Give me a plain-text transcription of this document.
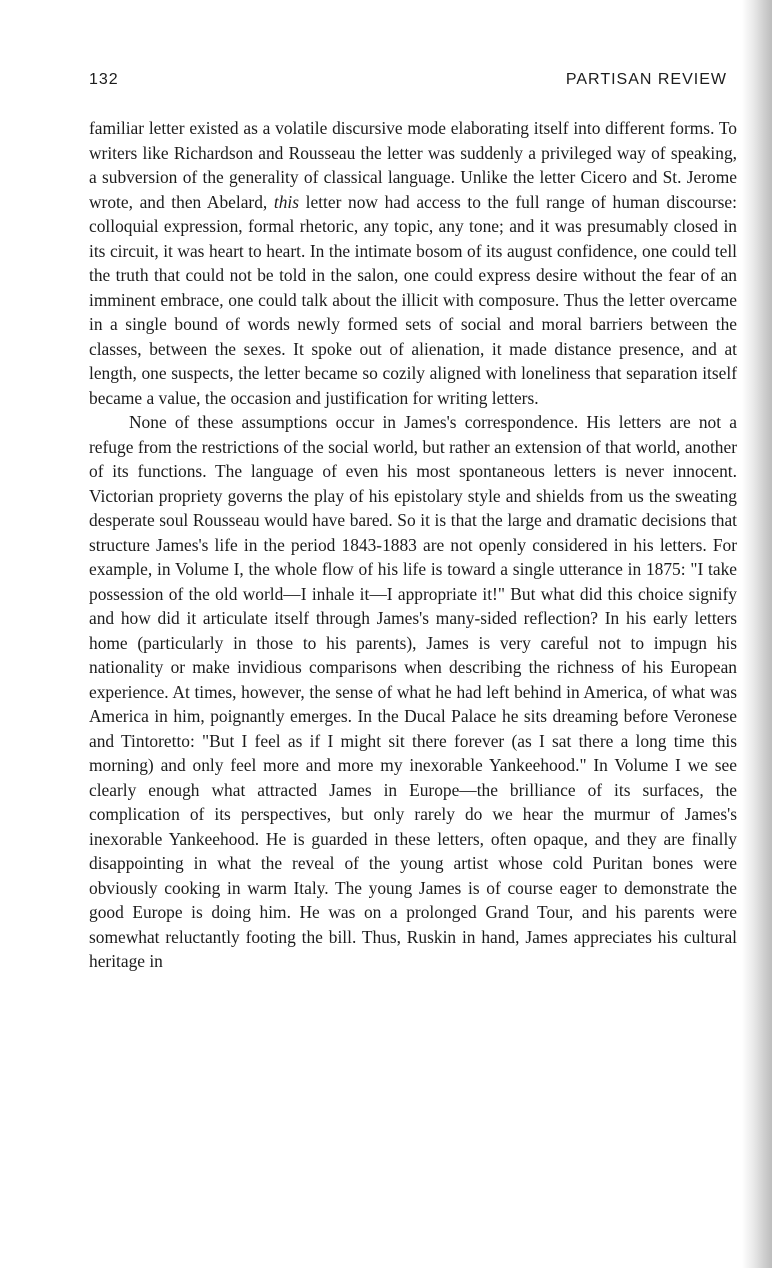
132	PARTISAN REVIEW

familiar letter existed as a volatile discursive mode elaborating itself into different forms. To writers like Richardson and Rousseau the letter was suddenly a privileged way of speaking, a subversion of the generality of classical language. Unlike the letter Cicero and St. Jerome wrote, and then Abelard, this letter now had access to the full range of human discourse: colloquial expression, formal rhetoric, any topic, any tone; and it was presumably closed in its circuit, it was heart to heart. In the intimate bosom of its august confidence, one could tell the truth that could not be told in the salon, one could express desire without the fear of an imminent embrace, one could talk about the illicit with composure. Thus the letter overcame in a single bound of words newly formed sets of social and moral barriers between the classes, between the sexes. It spoke out of alienation, it made distance presence, and at length, one suspects, the letter became so cozily aligned with loneliness that separation itself became a value, the occasion and justification for writing letters.

None of these assumptions occur in James's correspondence. His letters are not a refuge from the restrictions of the social world, but rather an extension of that world, another of its functions. The language of even his most spontaneous letters is never innocent. Victorian propriety governs the play of his epistolary style and shields from us the sweating desperate soul Rousseau would have bared. So it is that the large and dramatic decisions that structure James's life in the period 1843-1883 are not openly considered in his letters. For example, in Volume I, the whole flow of his life is toward a single utterance in 1875: "I take possession of the old world—I inhale it—I appropriate it!" But what did this choice signify and how did it articulate itself through James's many-sided reflection? In his early letters home (particularly in those to his parents), James is very careful not to impugn his nationality or make invidious comparisons when describing the richness of his European experience. At times, however, the sense of what he had left behind in America, of what was America in him, poignantly emerges. In the Ducal Palace he sits dreaming before Veronese and Tintoretto: "But I feel as if I might sit there forever (as I sat there a long time this morning) and only feel more and more my inexorable Yankeehood." In Volume I we see clearly enough what attracted James in Europe—the brilliance of its surfaces, the complication of its perspectives, but only rarely do we hear the murmur of James's inexorable Yankeehood. He is guarded in these letters, often opaque, and they are finally disappointing in what the reveal of the young artist whose cold Puritan bones were obviously cooking in warm Italy. The young James is of course eager to demonstrate the good Europe is doing him. He was on a prolonged Grand Tour, and his parents were somewhat reluctantly footing the bill. Thus, Ruskin in hand, James appreciates his cultural heritage in
